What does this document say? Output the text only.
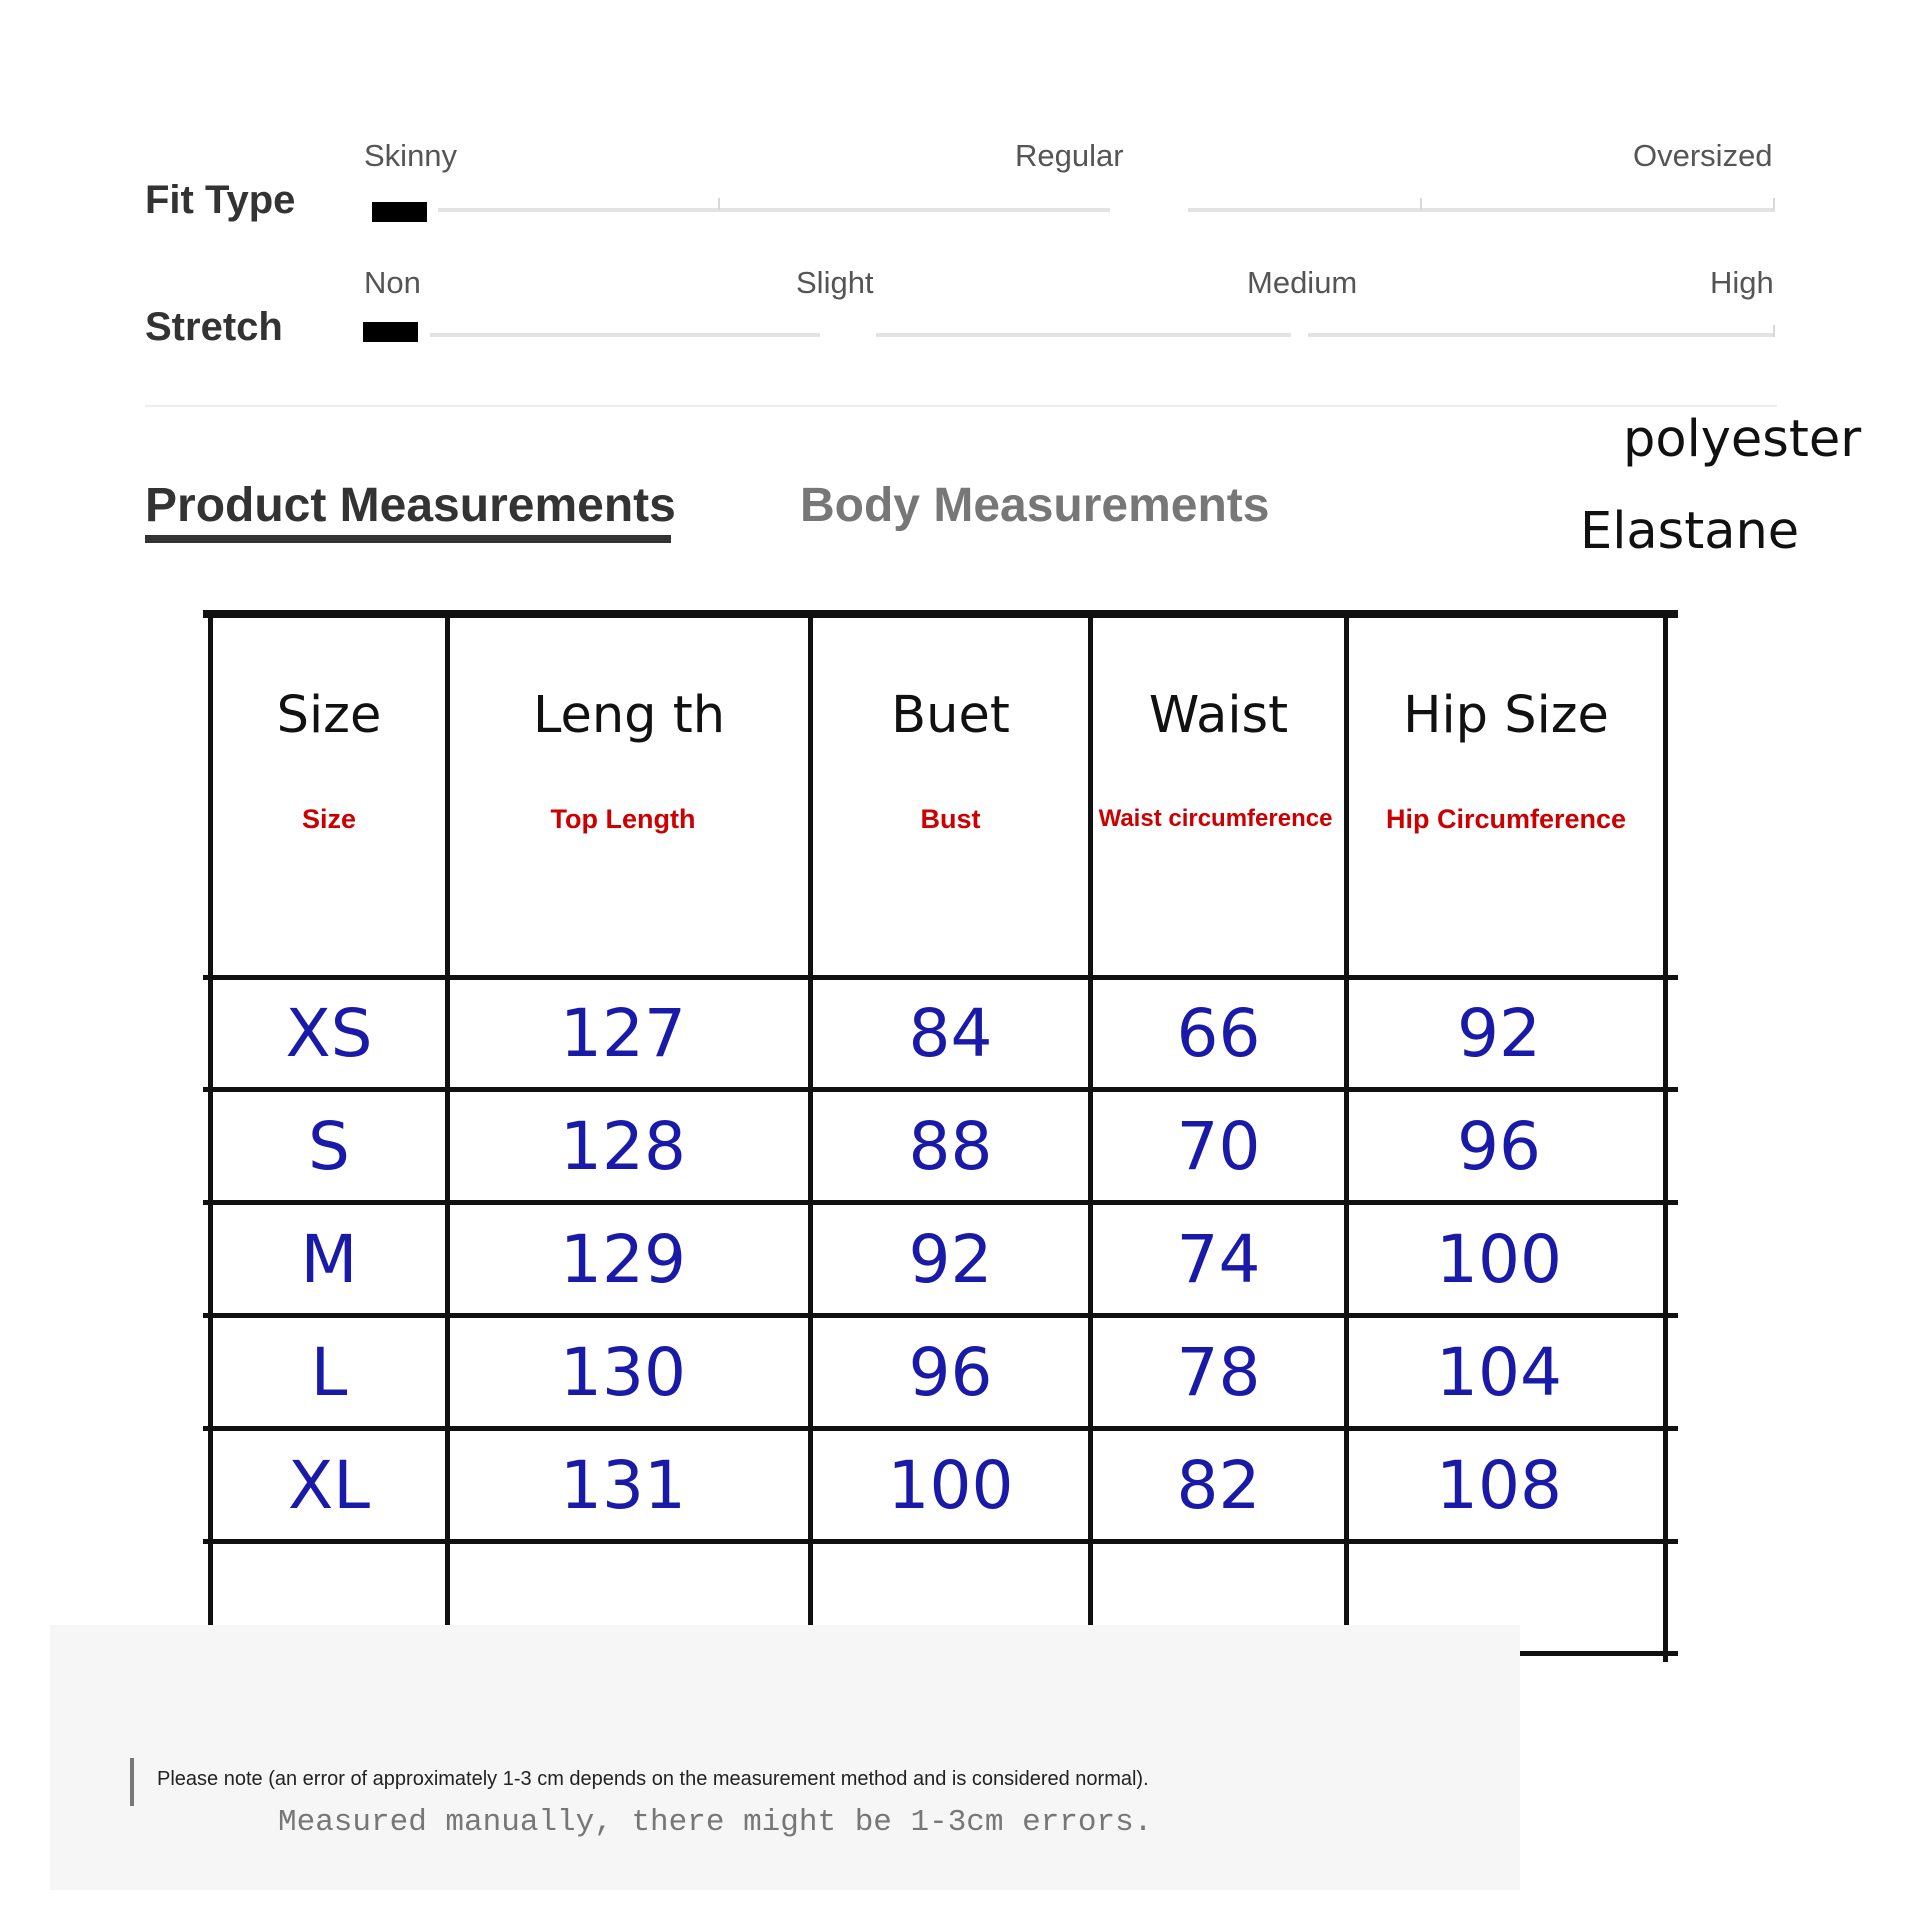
Fit Type
Skinny	Regular	Oversized
Stretch
Non	Slight	Medium	High
Product Measurements	Body Measurements
polyester
Elastane
Size	Leng th	Buet	Waist	Hip Size
Size	Top Length	Bust	Waist circumference	Hip Circumference
XS	127	84	66	92
S	128	88	70	96
M	129	92	74	100
L	130	96	78	104
XL	131	100	82	108
Please note (an error of approximately 1-3 cm depends on the measurement method and is considered normal).
Measured manually, there might be 1-3cm errors.
